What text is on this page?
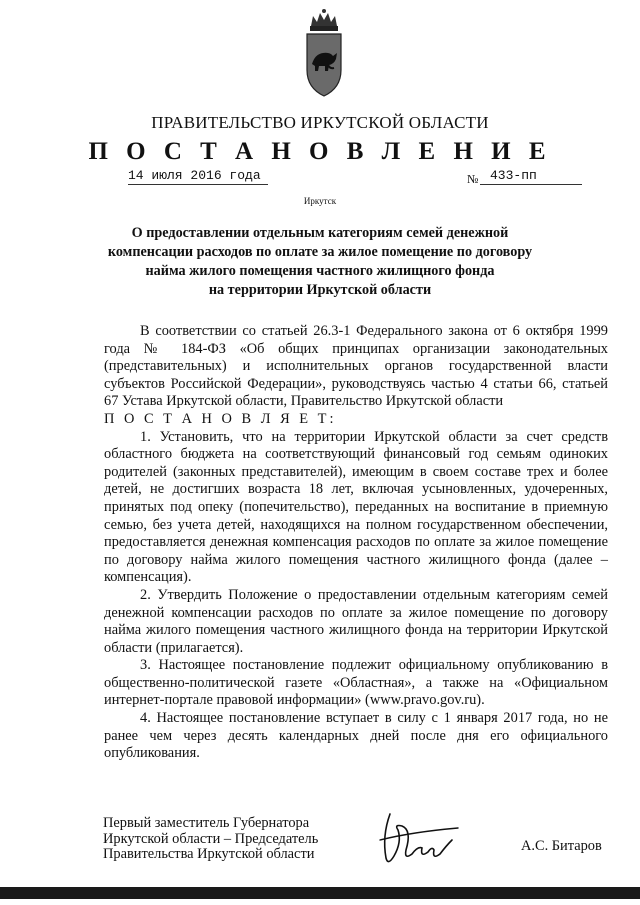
ПРАВИТЕЛЬСТВО ИРКУТСКОЙ ОБЛАСТИ
П О С Т А Н О В Л Е Н И Е
14 июля 2016 года	№ 433-пп
Иркутск
О предоставлении отдельным категориям семей денежной
компенсации расходов по оплате за жилое помещение по договору
найма жилого помещения частного жилищного фонда
на территории Иркутской области

В соответствии со статьей 26.3-1 Федерального закона от 6 октября 1999 года № 184-ФЗ «Об общих принципах организации законодательных (представительных) и исполнительных органов государственной власти субъектов Российской Федерации», руководствуясь частью 4 статьи 66, статьей 67 Устава Иркутской области, Правительство Иркутской области

П О С Т А Н О В Л Я Е Т:

1. Установить, что на территории Иркутской области за счет средств областного бюджета на соответствующий финансовый год семьям одиноких родителей (законных представителей), имеющим в своем составе трех и более детей, не достигших возраста 18 лет, включая усыновленных, удочеренных, принятых под опеку (попечительство), переданных на воспитание в приемную семью, без учета детей, находящихся на полном государственном обеспечении, предоставляется денежная компенсация расходов по оплате за жилое помещение по договору найма жилого помещения частного жилищного фонда (далее – компенсация).

2. Утвердить Положение о предоставлении отдельным категориям семей денежной компенсации расходов по оплате за жилое помещение по договору найма жилого помещения частного жилищного фонда на территории Иркутской области (прилагается).

3. Настоящее постановление подлежит официальному опубликованию в общественно-политической газете «Областная», а также на «Официальном интернет-портале правовой информации» (www.pravo.gov.ru).

4. Настоящее постановление вступает в силу с 1 января 2017 года, но не ранее чем через десять календарных дней после дня его официального опубликования.

Первый заместитель Губернатора
Иркутской области – Председатель
Правительства Иркутской области	А.С. Битаров
